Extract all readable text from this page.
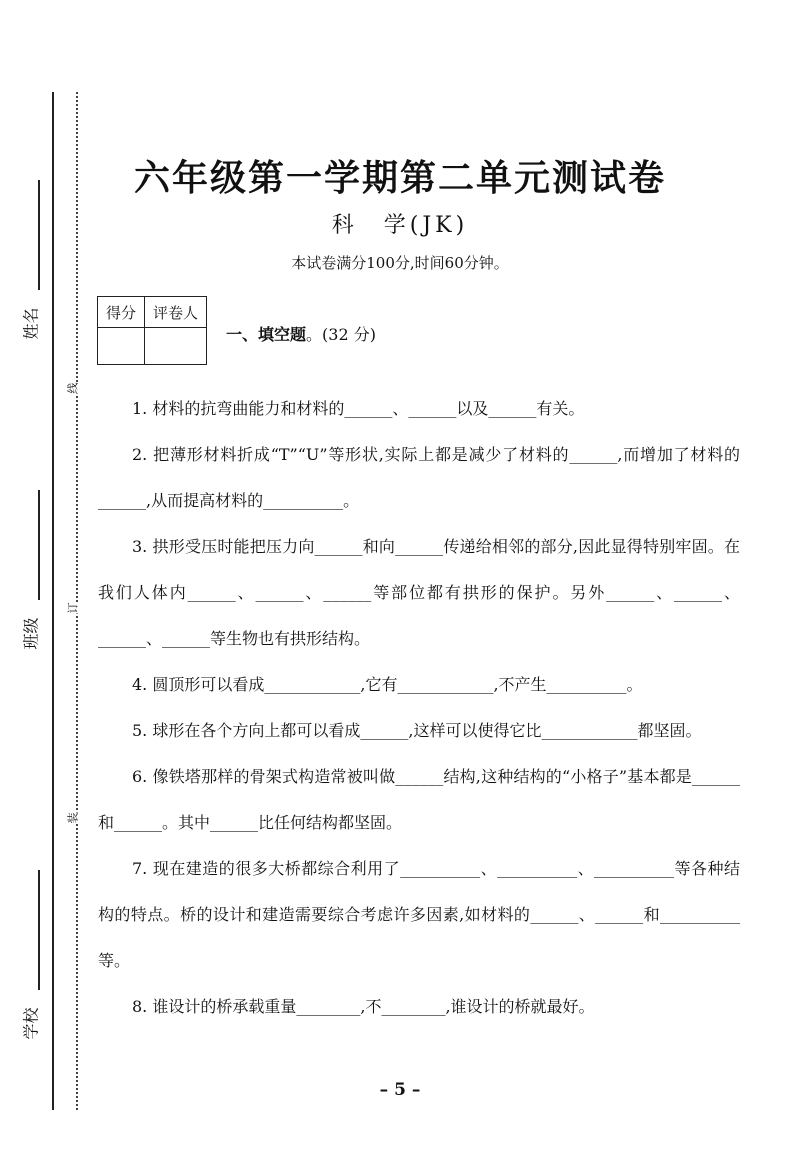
姓名
班级
学校
线
订
装
六年级第一学期第二单元测试卷
科　学(JK)
本试卷满分100分,时间60分钟。
得分	评卷人

一、填空题。(32 分)

1. 材料的抗弯曲能力和材料的______、______以及______有关。

2. 把薄形材料折成“T”“U”等形状,实际上都是减少了材料的______,而增加了材料的______,从而提高材料的__________。

3. 拱形受压时能把压力向______和向______传递给相邻的部分,因此显得特别牢固。在我们人体内______、______、______等部位都有拱形的保护。另外______、______、______、______等生物也有拱形结构。

4. 圆顶形可以看成____________,它有____________,不产生__________。

5. 球形在各个方向上都可以看成______,这样可以使得它比____________都坚固。

6. 像铁塔那样的骨架式构造常被叫做______结构,这种结构的“小格子”基本都是______和______。其中______比任何结构都坚固。

7. 现在建造的很多大桥都综合利用了__________、__________、__________等各种结构的特点。桥的设计和建造需要综合考虑许多因素,如材料的______、______和__________等。

8. 谁设计的桥承载重量________,不________,谁设计的桥就最好。

– 5 –
